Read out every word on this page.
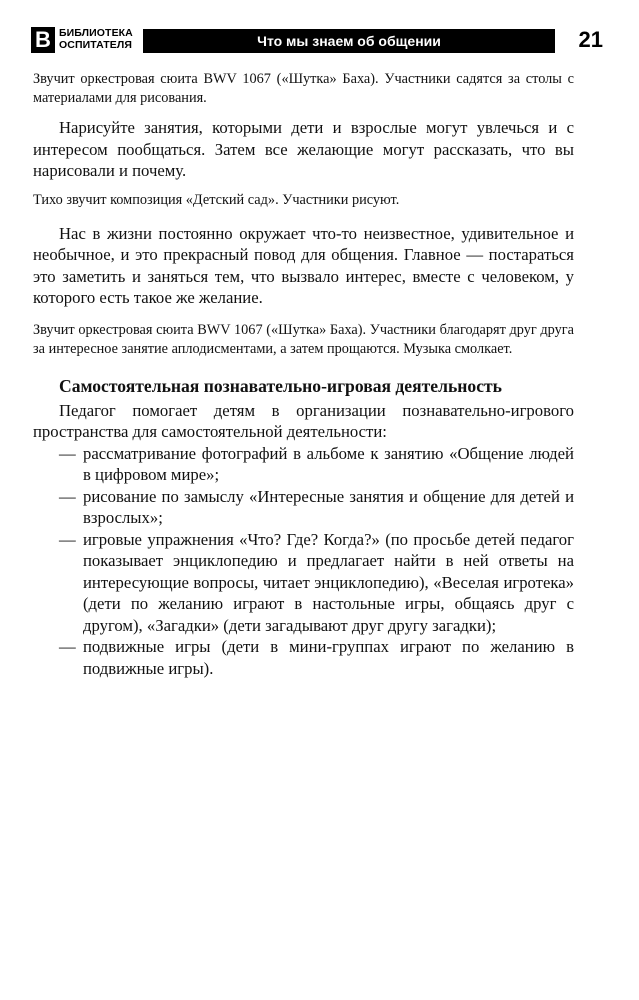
В БИБЛИОТЕКА
ОСПИТАТЕЛЯ	Что мы знаем об общении	21

Звучит оркестровая сюита BWV 1067 («Шутка» Баха). Участники садятся за столы с материалами для рисования.

Нарисуйте занятия, которыми дети и взрослые могут увлечься и с интересом пообщаться. Затем все желающие могут рассказать, что вы нарисовали и почему.

Тихо звучит композиция «Детский сад». Участники рисуют.

Нас в жизни постоянно окружает что-то неизвестное, удивительное и необычное, и это прекрасный повод для общения. Главное — постараться это заметить и заняться тем, что вызвало интерес, вместе с человеком, у которого есть такое же желание.

Звучит оркестровая сюита BWV 1067 («Шутка» Баха). Участники благодарят друг друга за интересное занятие аплодисментами, а затем прощаются. Музыка смолкает.

Самостоятельная познавательно-игровая деятельность

Педагог помогает детям в организации познавательно-игрового пространства для самостоятельной деятельности:

— рассматривание фотографий в альбоме к занятию «Общение людей в цифровом мире»;
— рисование по замыслу «Интересные занятия и общение для детей и взрослых»;
— игровые упражнения «Что? Где? Когда?» (по просьбе детей педагог показывает энциклопедию и предлагает найти в ней ответы на интересующие вопросы, читает энциклопедию), «Веселая игротека» (дети по желанию играют в настольные игры, общаясь друг с другом), «Загадки» (дети загадывают друг другу загадки);
— подвижные игры (дети в мини-группах играют по желанию в подвижные игры).
